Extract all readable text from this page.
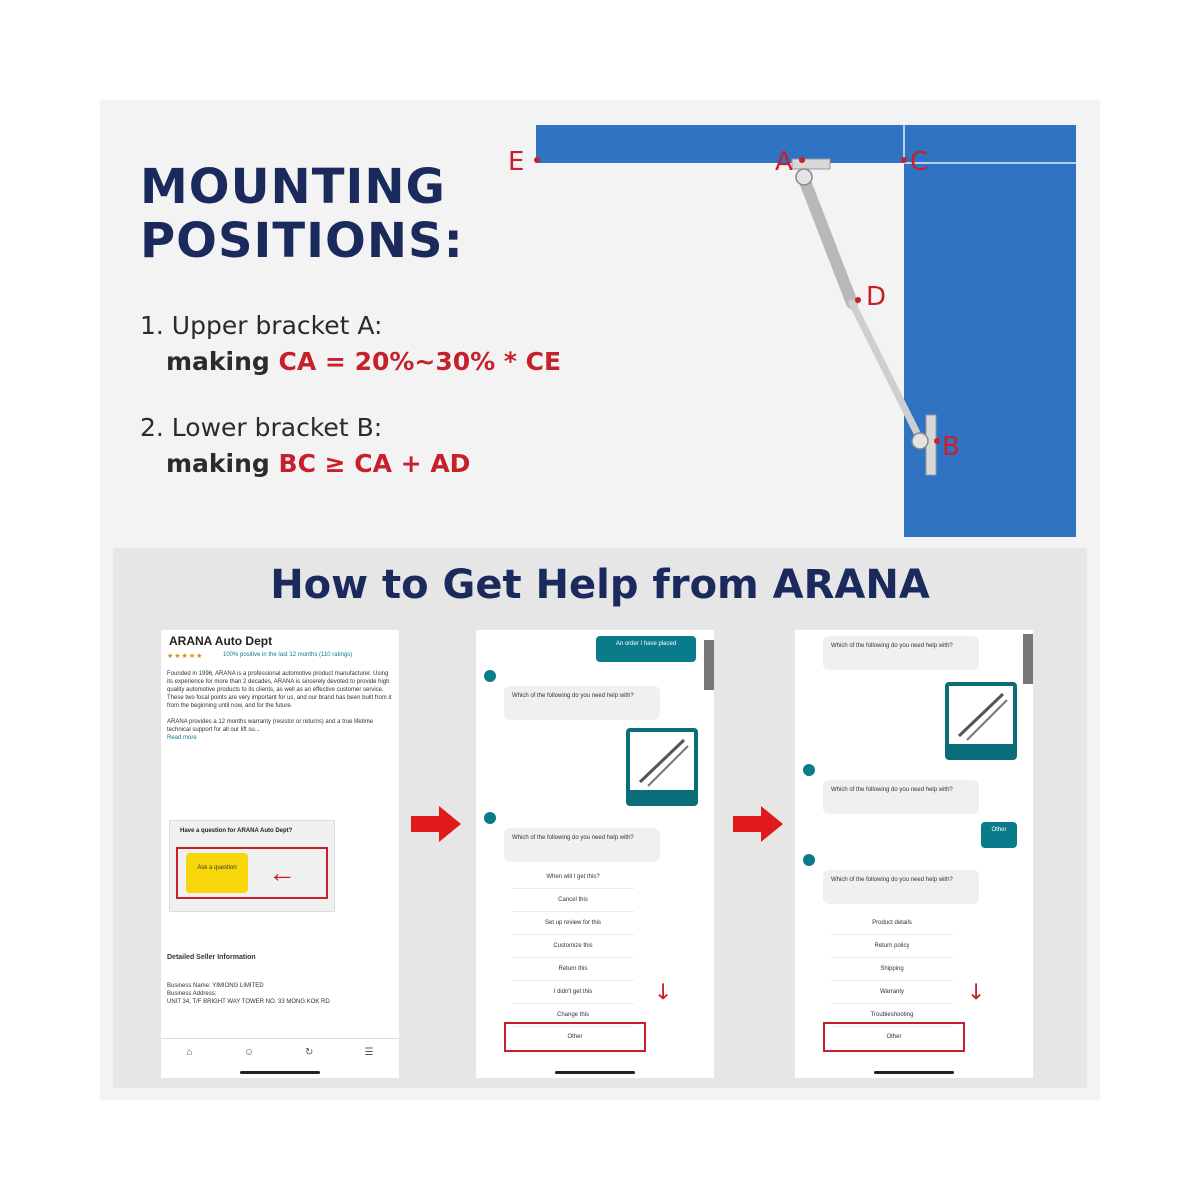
MOUNTING
POSITIONS:
1. Upper bracket A:
making CA = 20%~30% * CE
2. Lower bracket B:
making BC ≥ CA + AD
E	A	C
D
B
How to Get Help from ARANA
ARANA Auto Dept
★★★★★	100% positive in the last 12 months (110 ratings)
Founded in 1996, ARANA is a professional automotive product manufacturer. Using its experience for more than 2 decades, ARANA is sincerely devoted to provide high quality automotive products to its clients, as well as an effective customer service. These two focal points are very important for us, and our brand has been built from it from the beginning until now, and for the future.
ARANA provides a 12 months warranty (resistor or returns) and a true lifetime technical support for all our lift su...
Read more
Have a question for ARANA Auto Dept?
Ask a question	←
Detailed Seller Information
Business Name: YIMIONG LIMITED
Business Address:
UNIT 34, T/F BRIGHT WAY TOWER NO. 33 MONG KOK RD
⌂	☺	↻	☰
An order I have placed
Which of the following do you need help with?
Which of the following do you need help with?
When will I get this?
Cancel this
Set up review for this
Customize this
Return this
I didn't get this
Change this
Other
↘
Which of the following do you need help with?
Which of the following do you need help with?
Other
Which of the following do you need help with?
Product details
Return policy
Shipping
Warranty
Troubleshooting
Other
↘
